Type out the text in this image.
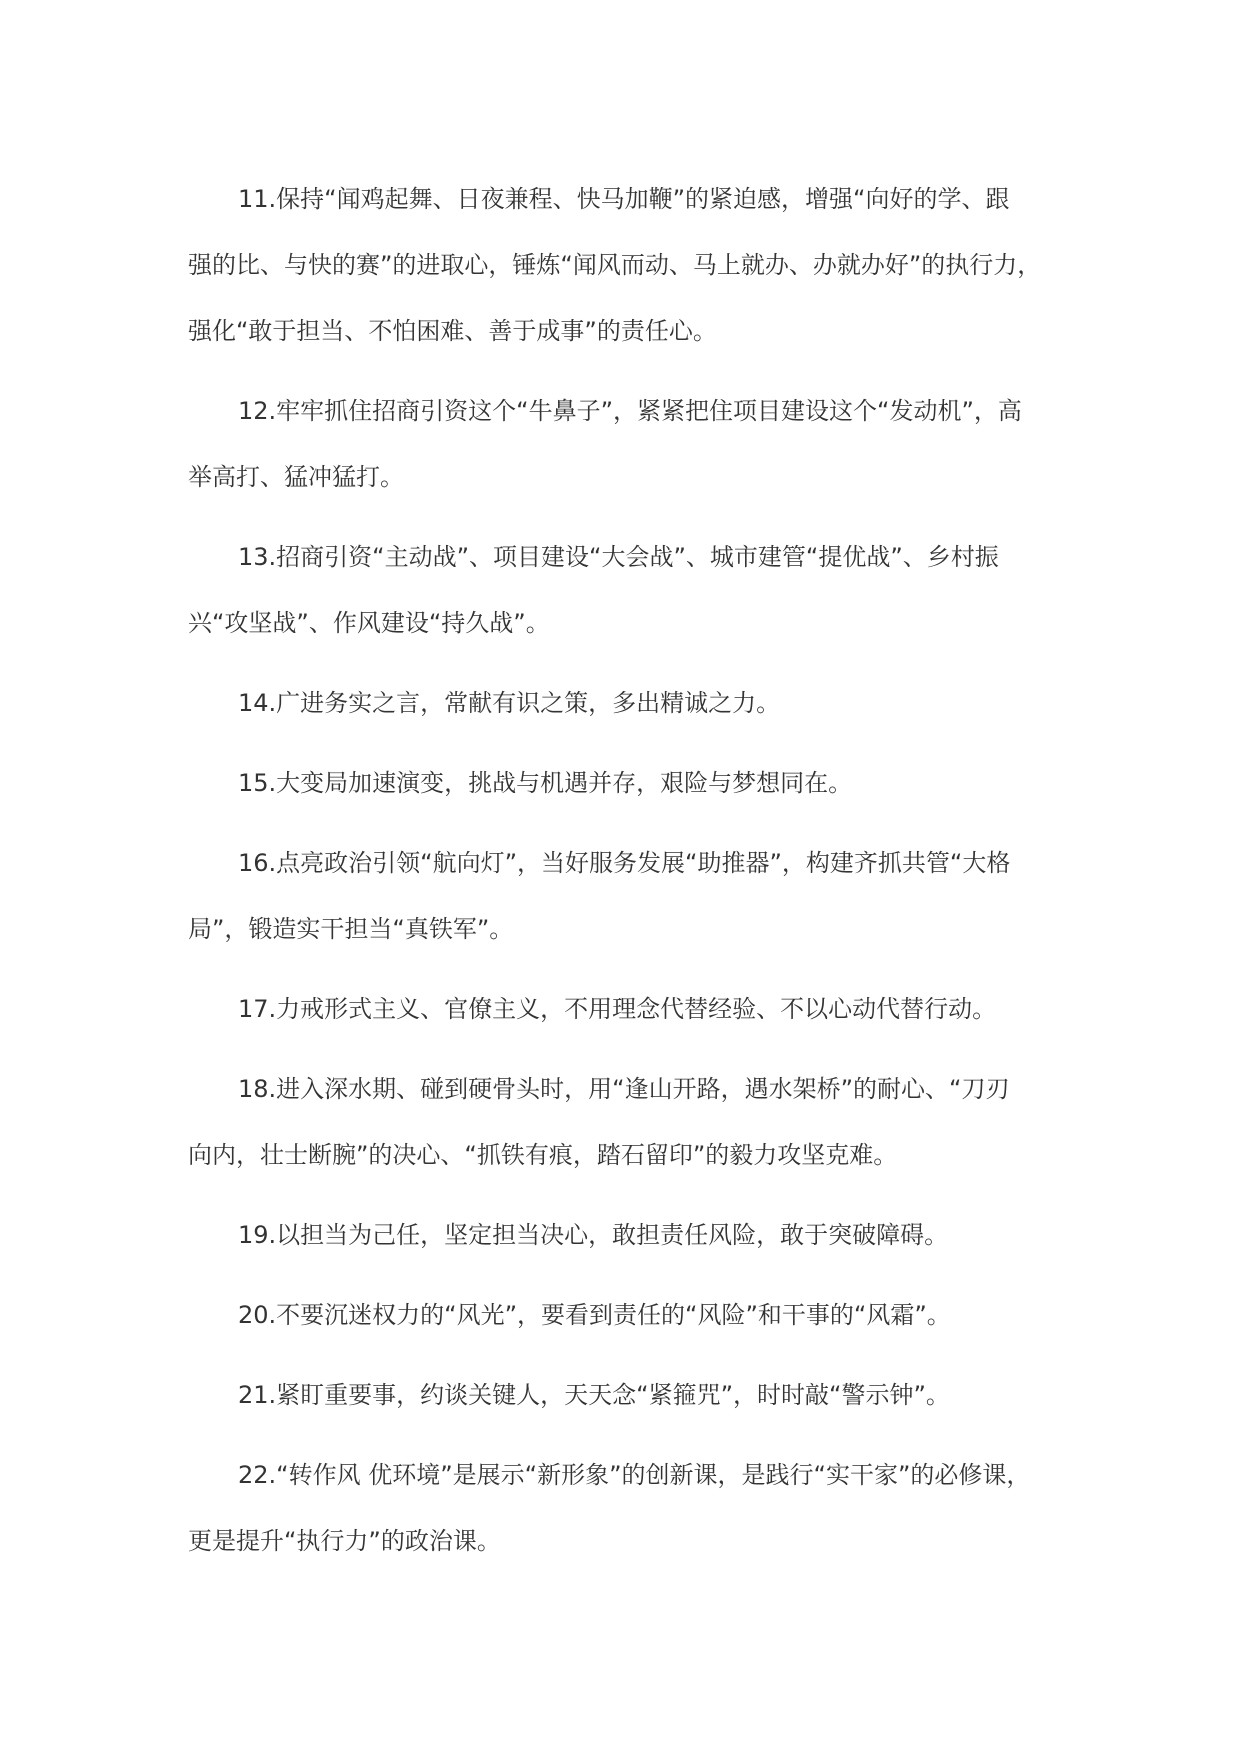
11.保持“闻鸡起舞、日夜兼程、快马加鞭”的紧迫感，增强“向好的学、跟
强的比、与快的赛”的进取心，锤炼“闻风而动、马上就办、办就办好”的执行力，
强化“敢于担当、不怕困难、善于成事”的责任心。

12.牢牢抓住招商引资这个“牛鼻子”，紧紧把住项目建设这个“发动机”，高
举高打、猛冲猛打。

13.招商引资“主动战”、项目建设“大会战”、城市建管“提优战”、乡村振
兴“攻坚战”、作风建设“持久战”。

14.广进务实之言，常献有识之策，多出精诚之力。

15.大变局加速演变，挑战与机遇并存，艰险与梦想同在。

16.点亮政治引领“航向灯”，当好服务发展“助推器”，构建齐抓共管“大格
局”，锻造实干担当“真铁军”。

17.力戒形式主义、官僚主义，不用理念代替经验、不以心动代替行动。

18.进入深水期、碰到硬骨头时，用“逢山开路，遇水架桥”的耐心、“刀刃
向内，壮士断腕”的决心、“抓铁有痕，踏石留印”的毅力攻坚克难。

19.以担当为己任，坚定担当决心，敢担责任风险，敢于突破障碍。

20.不要沉迷权力的“风光”，要看到责任的“风险”和干事的“风霜”。

21.紧盯重要事，约谈关键人，天天念“紧箍咒”，时时敲“警示钟”。

22.“转作风 优环境”是展示“新形象”的创新课，是践行“实干家”的必修课，
更是提升“执行力”的政治课。
